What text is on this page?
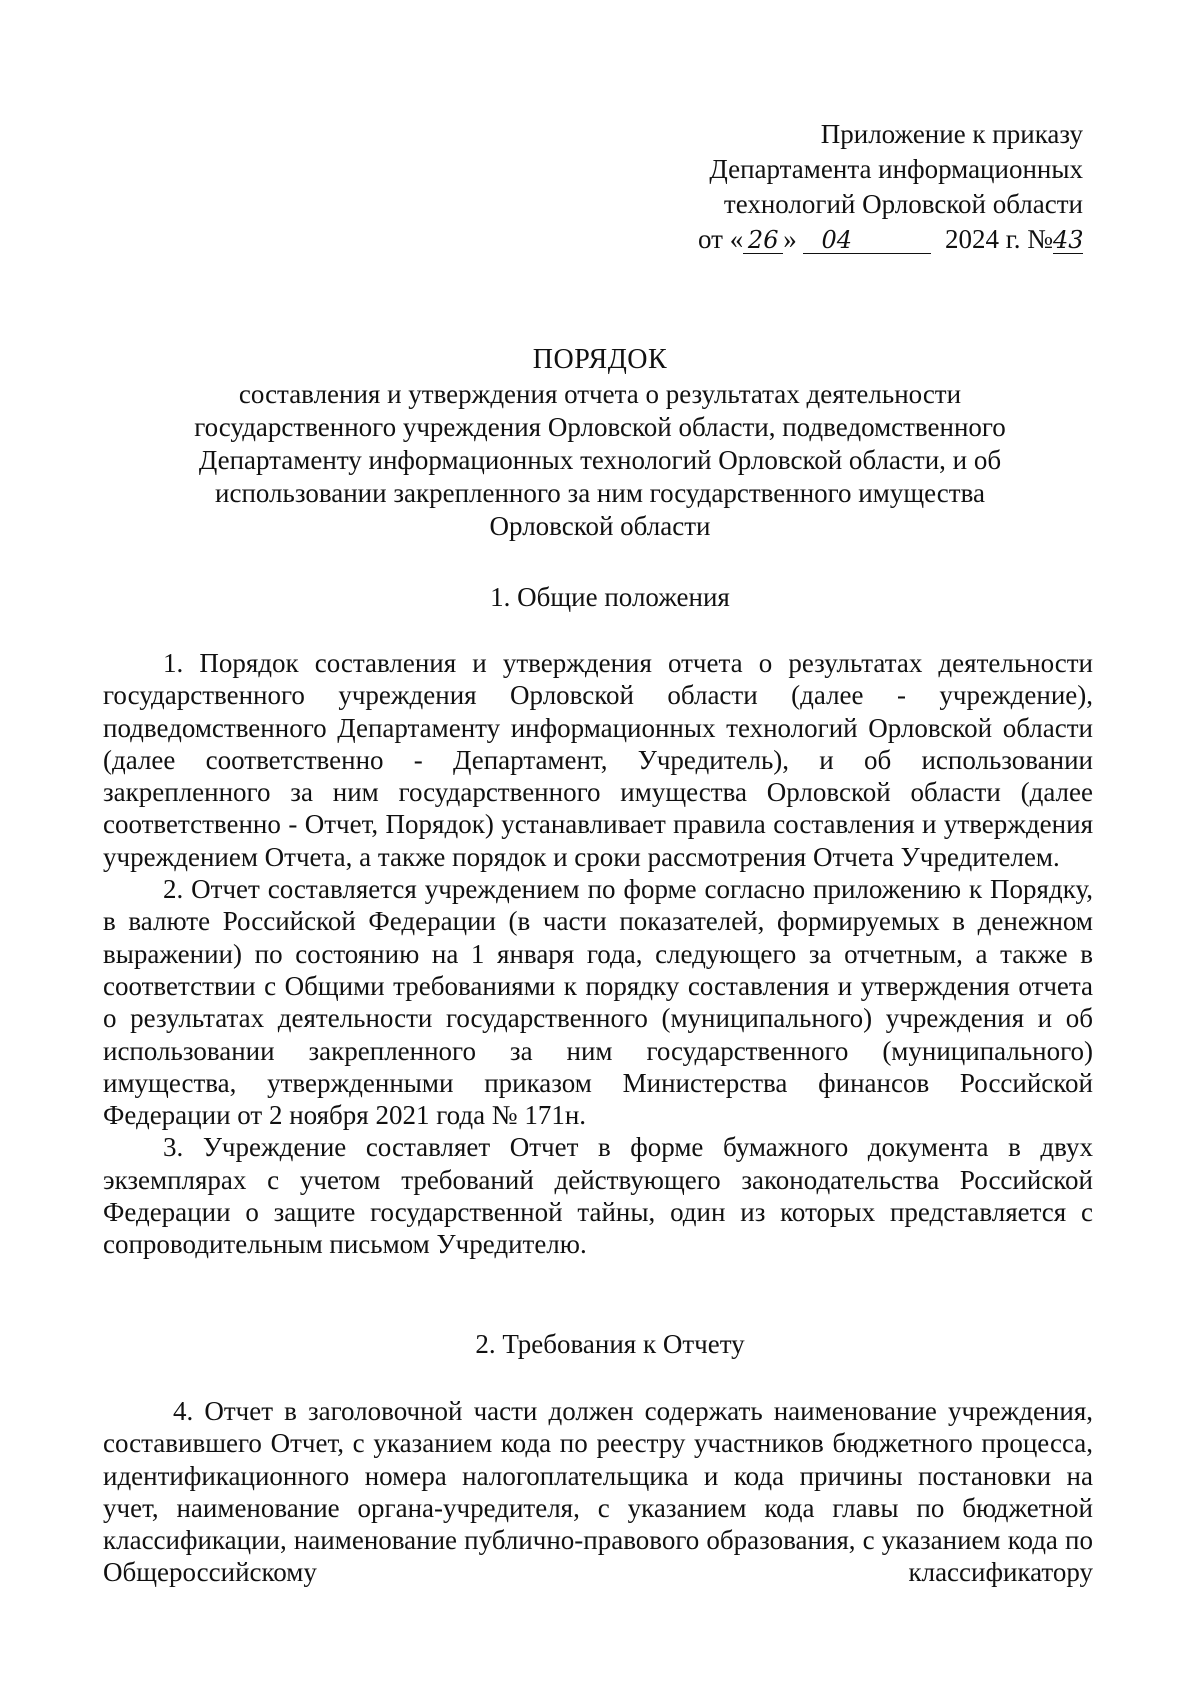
Приложение к приказу
Департамента информационных
технологий Орловской области
от « 26 » 04	2024 г. №43
ПОРЯДОК
составления и утверждения отчета о результатах деятельности
государственного учреждения Орловской области, подведомственного
Департаменту информационных технологий Орловской области, и об
использовании закрепленного за ним государственного имущества
Орловской области
1. Общие положения

1. Порядок составления и утверждения отчета о результатах деятельности государственного учреждения Орловской области (далее - учреждение), подведомственного Департаменту информационных технологий Орловской области (далее соответственно - Департамент, Учредитель), и об использовании закрепленного за ним государственного имущества Орловской области (далее соответственно - Отчет, Порядок) устанавливает правила составления и утверждения учреждением Отчета, а также порядок и сроки рассмотрения Отчета Учредителем.

2. Отчет составляется учреждением по форме согласно приложению к Порядку, в валюте Российской Федерации (в части показателей, формируемых в денежном выражении) по состоянию на 1 января года, следующего за отчетным, а также в соответствии с Общими требованиями к порядку составления и утверждения отчета о результатах деятельности государственного (муниципального) учреждения и об использовании закрепленного за ним государственного (муниципального) имущества, утвержденными приказом Министерства финансов Российской Федерации от 2 ноября 2021 года № 171н.

3. Учреждение составляет Отчет в форме бумажного документа в двух экземплярах с учетом требований действующего законодательства Российской Федерации о защите государственной тайны, один из которых представляется с сопроводительным письмом Учредителю.

2. Требования к Отчету

4. Отчет в заголовочной части должен содержать наименование учреждения, составившего Отчет, с указанием кода по реестру участников бюджетного процесса, идентификационного номера налогоплательщика и кода причины постановки на учет, наименование органа-учредителя, с указанием кода главы по бюджетной классификации, наименование публично-правового образования, с указанием кода по Общероссийскому классификатору
